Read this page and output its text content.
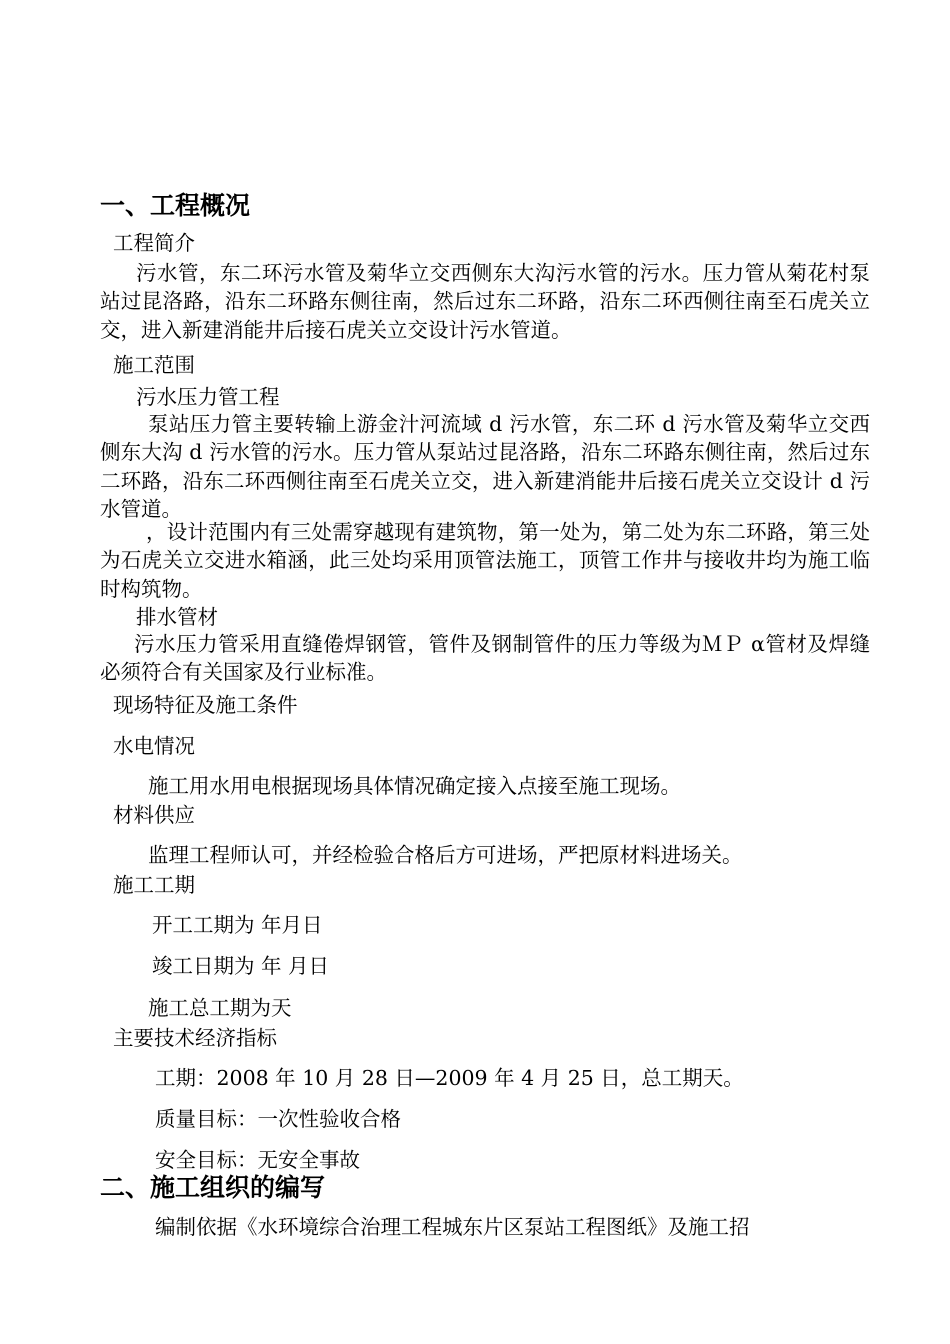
一、工程概况
工程简介
污水管，东二环污水管及菊华立交西侧东大沟污水管的污水。压力管从菊花村泵站过昆洛路，沿东二环路东侧往南，然后过东二环路，沿东二环西侧往南至石虎关立交，进入新建消能井后接石虎关立交设计污水管道。
施工范围
污水压力管工程
泵站压力管主要转输上游金汁河流域 d 污水管，东二环 d 污水管及菊华立交西侧东大沟 d 污水管的污水。压力管从泵站过昆洛路，沿东二环路东侧往南，然后过东二环路，沿东二环西侧往南至石虎关立交，进入新建消能井后接石虎关立交设计 d 污水管道。
，设计范围内有三处需穿越现有建筑物，第一处为，第二处为东二环路，第三处为石虎关立交进水箱涵，此三处均采用顶管法施工，顶管工作井与接收井均为施工临时构筑物。
排水管材
污水压力管采用直缝倦焊钢管，管件及钢制管件的压力等级为ＭＰ α管材及焊缝必须符合有关国家及行业标准。
现场特征及施工条件
水电情况
施工用水用电根据现场具体情况确定接入点接至施工现场。
材料供应
监理工程师认可，并经检验合格后方可进场，严把原材料进场关。
施工工期
开工工期为 年月日
竣工日期为 年 月日
施工总工期为天
主要技术经济指标
工期：2008 年 10 月 28 日—2009 年 4 月 25 日，总工期天。
质量目标：一次性验收合格
安全目标：无安全事故
二、施工组织的编写
编制依据《水环境综合治理工程城东片区泵站工程图纸》及施工招
